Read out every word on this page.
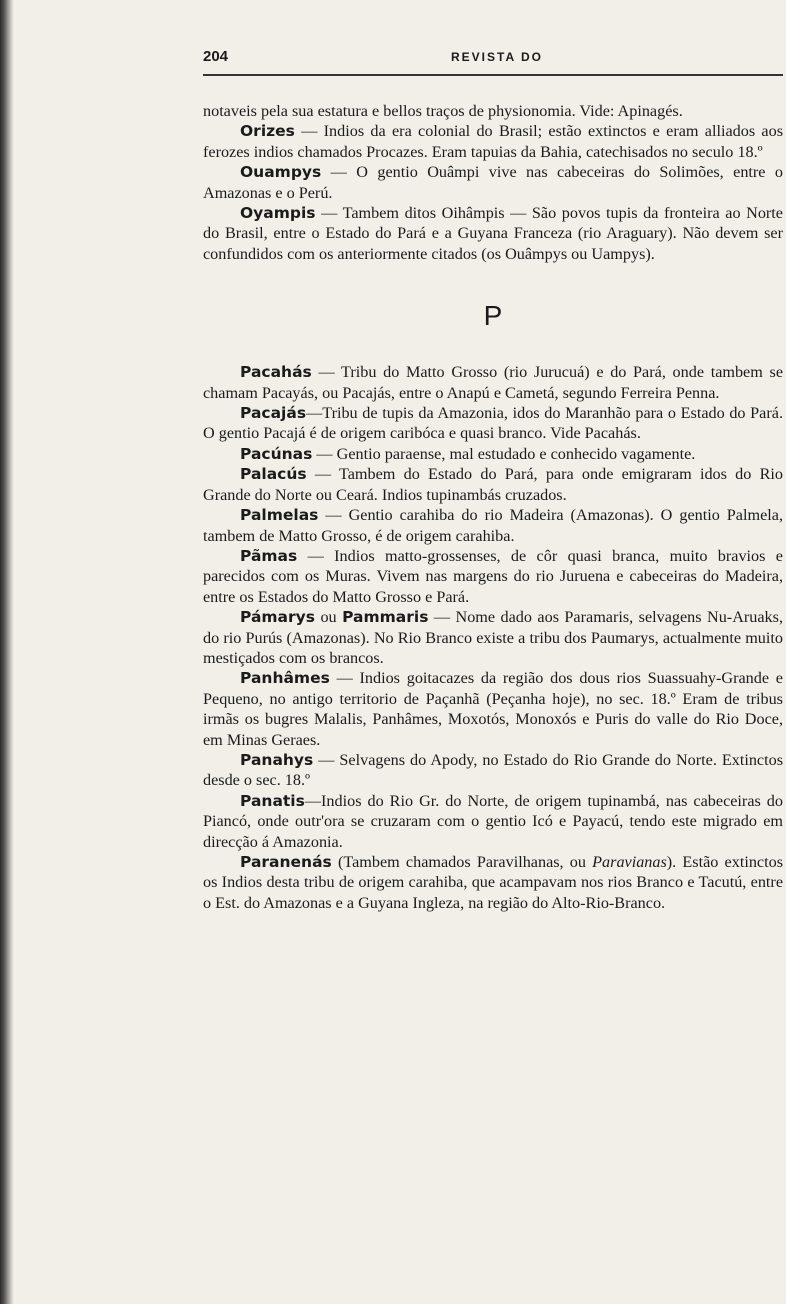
204	REVISTA DO

notaveis pela sua estatura e bellos traços de physionomia. Vide: Apinagés.

Orizes — Indios da era colonial do Brasil; estão extinctos e eram alliados aos ferozes indios chamados Procazes. Eram tapuias da Bahia, catechisados no seculo 18.º

Ouampys — O gentio Ouâmpi vive nas cabeceiras do Solimões, entre o Amazonas e o Perú.

Oyampis — Tambem ditos Oihâmpis — São povos tupis da fronteira ao Norte do Brasil, entre o Estado do Pará e a Guyana Franceza (rio Araguary). Não devem ser confundidos com os anteriormente citados (os Ouâmpys ou Uampys).

P

Pacahás — Tribu do Matto Grosso (rio Jurucuá) e do Pará, onde tambem se chamam Pacayás, ou Pacajás, entre o Anapú e Cametá, segundo Ferreira Penna.

Pacajás—Tribu de tupis da Amazonia, idos do Maranhão para o Estado do Pará. O gentio Pacajá é de origem caribóca e quasi branco. Vide Pacahás.

Pacúnas — Gentio paraense, mal estudado e conhecido vagamente.

Palacús — Tambem do Estado do Pará, para onde emigraram idos do Rio Grande do Norte ou Ceará. Indios tupinambás cruzados.

Palmelas — Gentio carahiba do rio Madeira (Amazonas). O gentio Palmela, tambem de Matto Grosso, é de origem carahiba.

Pãmas — Indios matto-grossenses, de côr quasi branca, muito bravios e parecidos com os Muras. Vivem nas margens do rio Juruena e cabeceiras do Madeira, entre os Estados do Matto Grosso e Pará.

Pámarys ou Pammaris — Nome dado aos Paramaris, selvagens Nu-Aruaks, do rio Purús (Amazonas). No Rio Branco existe a tribu dos Paumarys, actualmente muito mestiçados com os brancos.

Panhâmes — Indios goitacazes da região dos dous rios Suassuahy-Grande e Pequeno, no antigo territorio de Paçanhã (Peçanha hoje), no sec. 18.º Eram de tribus irmãs os bugres Malalis, Panhâmes, Moxotós, Monoxós e Puris do valle do Rio Doce, em Minas Geraes.

Panahys — Selvagens do Apody, no Estado do Rio Grande do Norte. Extinctos desde o sec. 18.º

Panatis—Indios do Rio Gr. do Norte, de origem tupinambá, nas cabeceiras do Piancó, onde outr'ora se cruzaram com o gentio Icó e Payacú, tendo este migrado em direcção á Amazonia.

Paranenás (Tambem chamados Paravilhanas, ou Paravianas). Estão extinctos os Indios desta tribu de origem carahiba, que acampavam nos rios Branco e Tacutú, entre o Est. do Amazonas e a Guyana Ingleza, na região do Alto-Rio-Branco.
